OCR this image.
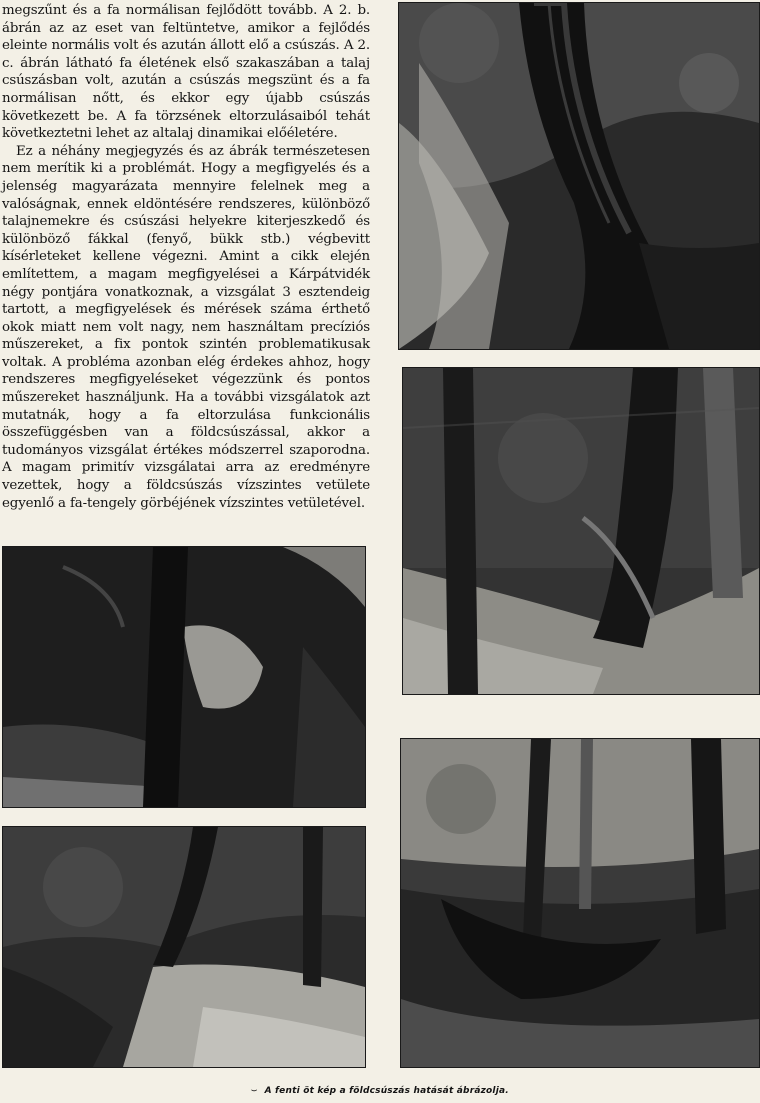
megszűnt és a fa normálisan fejlődött tovább. A 2. b. ábrán az az eset van feltüntetve, amikor a fejlődés eleinte normális volt és azután állott elő a csúszás. A 2. c. ábrán látható fa életének első szakaszában a talaj csúszásban volt, azután a csúszás megszünt és a fa normálisan nőtt, és ekkor egy újabb csúszás következett be. A fa törzsének eltorzulásaiból tehát következtetni lehet az altalaj dinamikai előéletére.

Ez a néhány megjegyzés és az ábrák természetesen nem merítik ki a problémát. Hogy a megfigyelés és a jelenség magyarázata mennyire felelnek meg a valóságnak, ennek eldöntésére rendszeres, különböző talajnemekre és csúszási helyekre kiterjeszkedő és különböző fákkal (fenyő, bükk stb.) végbevitt kísérleteket kellene végezni. Amint a cikk elején említettem, a magam megfigyelései a Kárpátvidék négy pontjára vonatkoznak, a vizsgálat 3 esztendeig tartott, a megfigyelések és mérések száma érthető okok miatt nem volt nagy, nem használtam precíziós műszereket, a fix pontok szintén problematikusak voltak. A probléma azonban elég érdekes ahhoz, hogy rendszeres megfigyeléseket végezzünk és pontos műszereket használjunk. Ha a további vizsgálatok azt mutatnák, hogy a fa eltorzulása funkcionális összefüggésben van a földcsúszással, akkor a tudományos vizsgálat értékes módszerrel szaporodna. A magam primitív vizsgálatai arra az eredményre vezettek, hogy a földcsúszás vízszintes vetülete egyenlő a fa-tengely görbéjének vízszintes vetületével.

⌣ A fenti öt kép a földcsúszás hatását ábrázolja.
